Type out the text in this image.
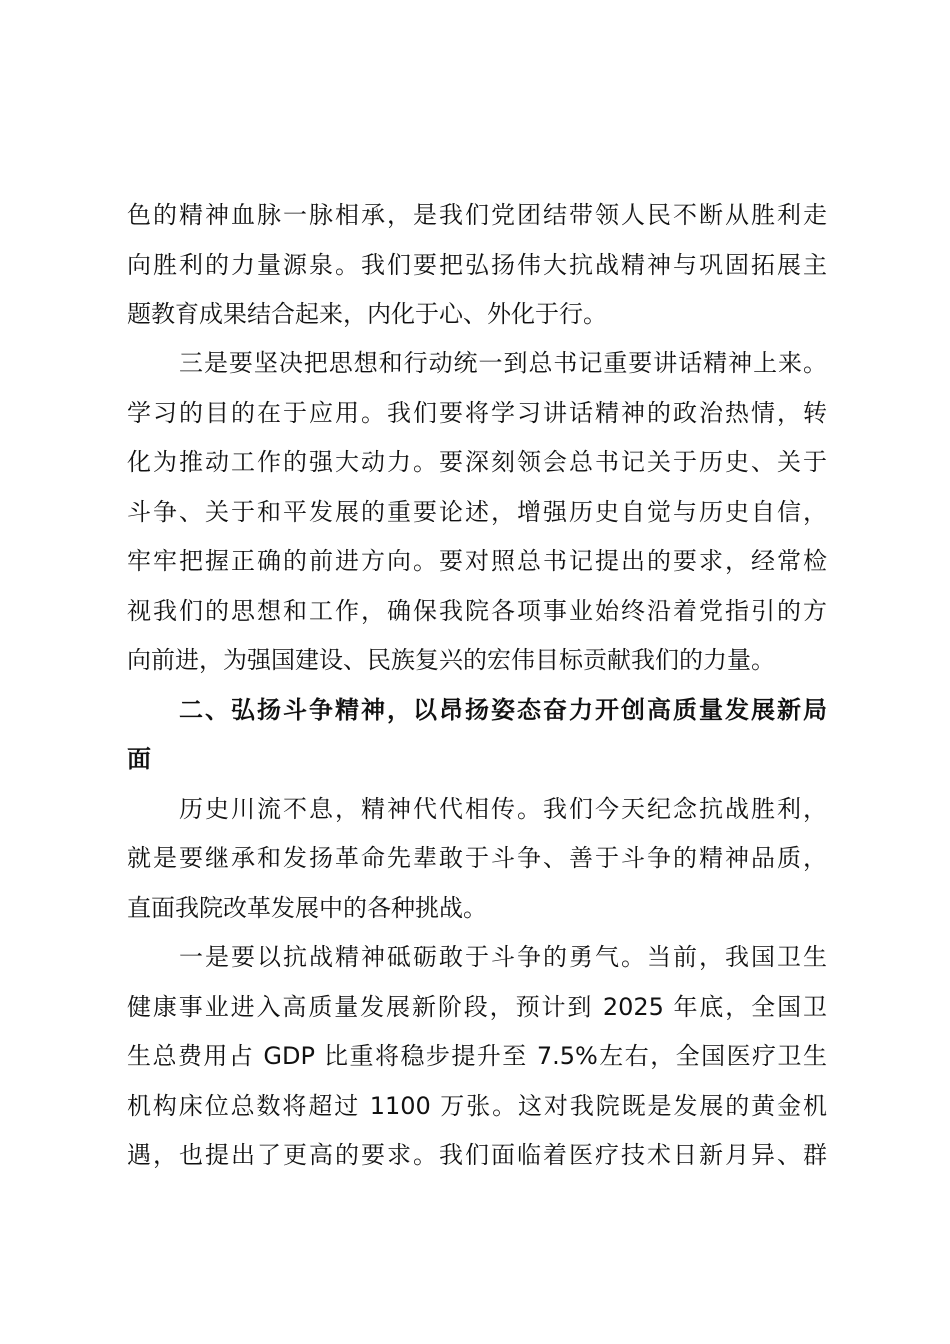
色的精神血脉一脉相承，是我们党团结带领人民不断从胜利走
向胜利的力量源泉。我们要把弘扬伟大抗战精神与巩固拓展主
题教育成果结合起来，内化于心、外化于行。
三是要坚决把思想和行动统一到总书记重要讲话精神上来。
学习的目的在于应用。我们要将学习讲话精神的政治热情，转
化为推动工作的强大动力。要深刻领会总书记关于历史、关于
斗争、关于和平发展的重要论述，增强历史自觉与历史自信，
牢牢把握正确的前进方向。要对照总书记提出的要求，经常检
视我们的思想和工作，确保我院各项事业始终沿着党指引的方
向前进，为强国建设、民族复兴的宏伟目标贡献我们的力量。
二、弘扬斗争精神，以昂扬姿态奋力开创高质量发展新局
面
历史川流不息，精神代代相传。我们今天纪念抗战胜利，
就是要继承和发扬革命先辈敢于斗争、善于斗争的精神品质，
直面我院改革发展中的各种挑战。
一是要以抗战精神砥砺敢于斗争的勇气。当前，我国卫生
健康事业进入高质量发展新阶段，预计到 2025 年底，全国卫
生总费用占 GDP 比重将稳步提升至 7.5%左右，全国医疗卫生
机构床位总数将超过 1100 万张。这对我院既是发展的黄金机
遇，也提出了更高的要求。我们面临着医疗技术日新月异、群
